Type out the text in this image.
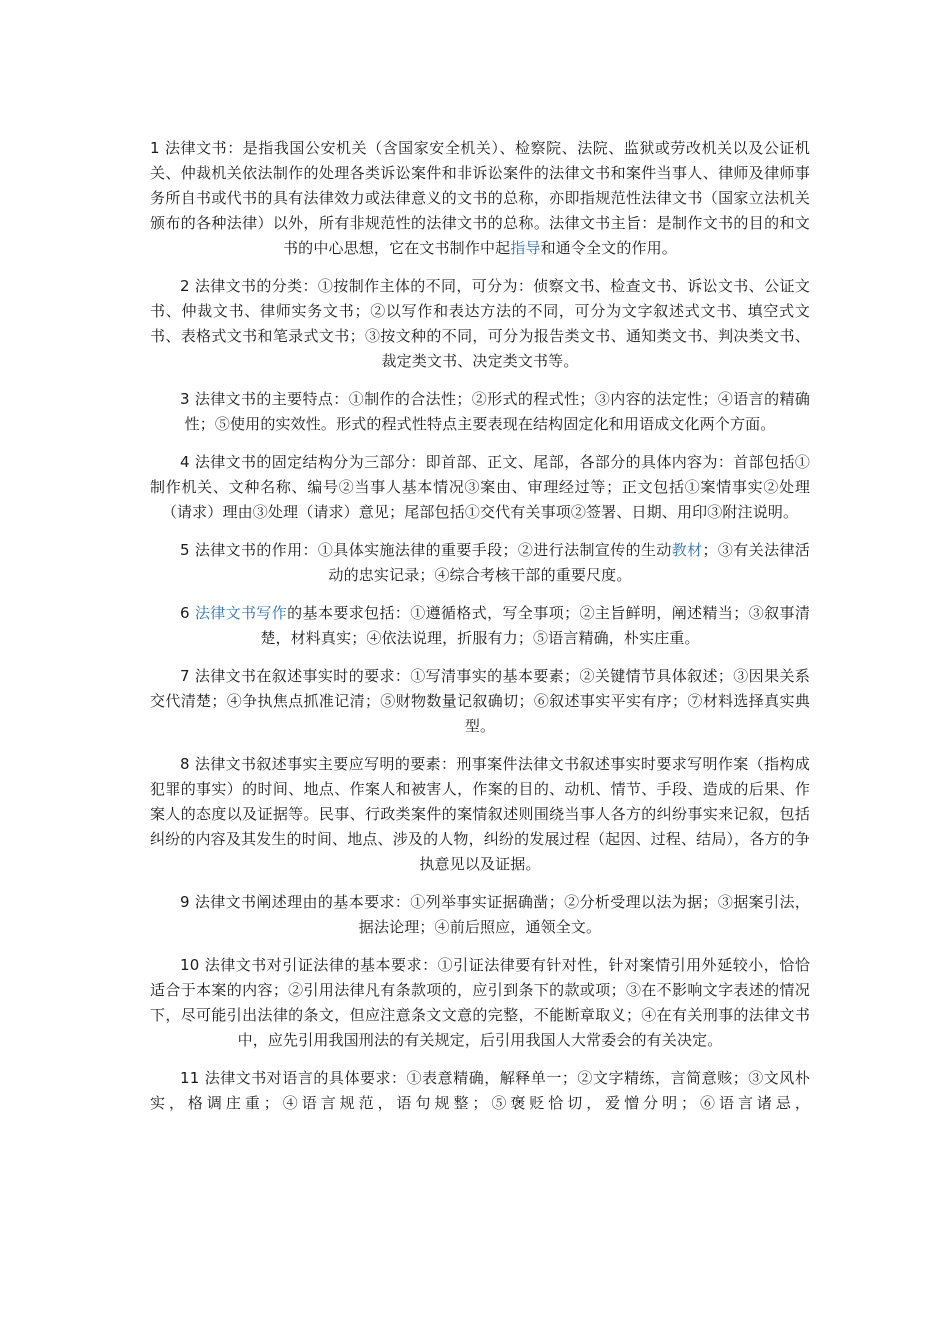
1 法律文书：是指我国公安机关（含国家安全机关）、检察院、法院、监狱或劳改机关以及公证机关、仲裁机关依法制作的处理各类诉讼案件和非诉讼案件的法律文书和案件当事人、律师及律师事务所自书或代书的具有法律效力或法律意义的文书的总称，亦即指规范性法律文书（国家立法机关颁布的各种法律）以外，所有非规范性的法律文书的总称。法律文书主旨：是制作文书的目的和文书的中心思想，它在文书制作中起指导和通令全文的作用。

2 法律文书的分类：①按制作主体的不同，可分为：侦察文书、检查文书、诉讼文书、公证文书、仲裁文书、律师实务文书；②以写作和表达方法的不同，可分为文字叙述式文书、填空式文书、表格式文书和笔录式文书；③按文种的不同，可分为报告类文书、通知类文书、判决类文书、裁定类文书、决定类文书等。

3 法律文书的主要特点：①制作的合法性；②形式的程式性；③内容的法定性；④语言的精确性；⑤使用的实效性。形式的程式性特点主要表现在结构固定化和用语成文化两个方面。

4 法律文书的固定结构分为三部分：即首部、正文、尾部，各部分的具体内容为：首部包括①制作机关、文种名称、编号②当事人基本情况③案由、审理经过等；正文包括①案情事实②处理（请求）理由③处理（请求）意见；尾部包括①交代有关事项②签署、日期、用印③附注说明。

5 法律文书的作用：①具体实施法律的重要手段；②进行法制宣传的生动教材；③有关法律活动的忠实记录；④综合考核干部的重要尺度。

6 法律文书写作的基本要求包括：①遵循格式，写全事项；②主旨鲜明，阐述精当；③叙事清楚，材料真实；④依法说理，折服有力；⑤语言精确，朴实庄重。

7 法律文书在叙述事实时的要求：①写清事实的基本要素；②关键情节具体叙述；③因果关系交代清楚；④争执焦点抓准记清；⑤财物数量记叙确切；⑥叙述事实平实有序；⑦材料选择真实典型。

8 法律文书叙述事实主要应写明的要素：刑事案件法律文书叙述事实时要求写明作案（指构成犯罪的事实）的时间、地点、作案人和被害人，作案的目的、动机、情节、手段、造成的后果、作案人的态度以及证据等。民事、行政类案件的案情叙述则围绕当事人各方的纠纷事实来记叙，包括纠纷的内容及其发生的时间、地点、涉及的人物，纠纷的发展过程（起因、过程、结局），各方的争执意见以及证据。

9 法律文书阐述理由的基本要求：①列举事实证据确凿；②分析受理以法为据；③据案引法，据法论理；④前后照应，通领全文。

10 法律文书对引证法律的基本要求：①引证法律要有针对性，针对案情引用外延较小，恰恰适合于本案的内容；②引用法律凡有条款项的，应引到条下的款或项；③在不影响文字表述的情况下，尽可能引出法律的条文，但应注意条文文意的完整，不能断章取义；④在有关刑事的法律文书中，应先引用我国刑法的有关规定，后引用我国人大常委会的有关决定。

11 法律文书对语言的具体要求：①表意精确，解释单一；②文字精练，言简意赅；③文风朴实，格调庄重；④语言规范，语句规整；⑤褒贬恰切，爱憎分明；⑥语言诸忌，
